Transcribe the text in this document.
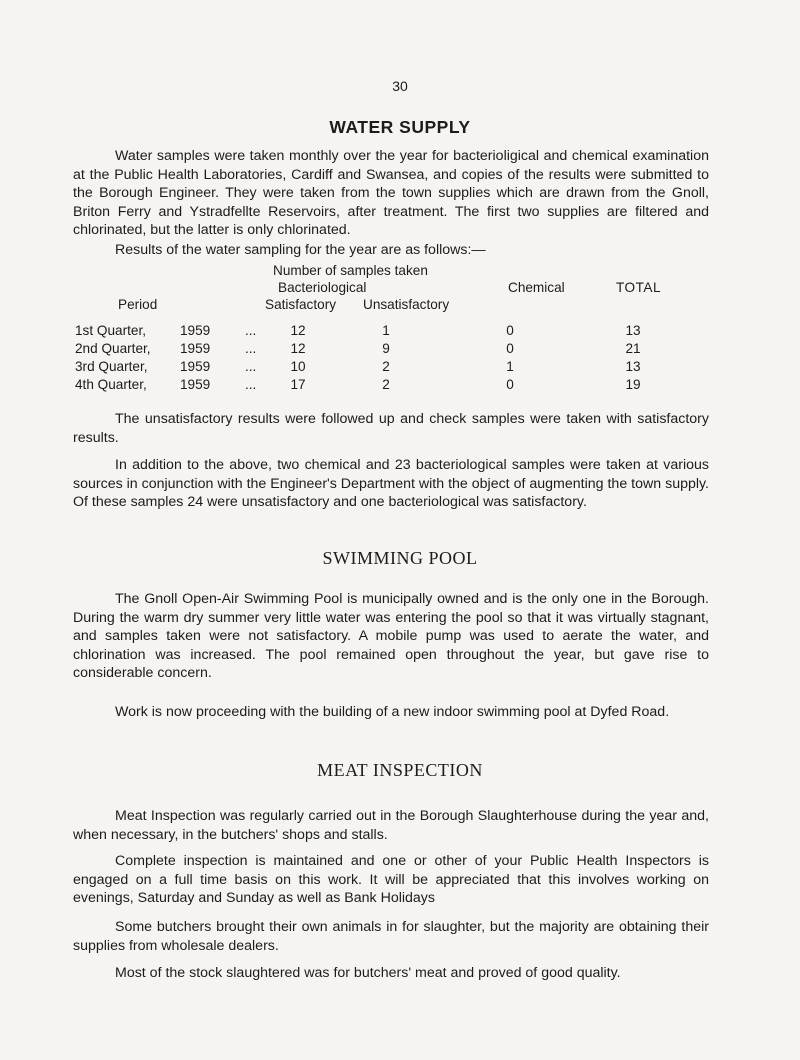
30
WATER SUPPLY

Water samples were taken monthly over the year for bacterioligical and chemical examination at the Public Health Laboratories, Cardiff and Swansea, and copies of the results were submitted to the Borough Engineer. They were taken from the town supplies which are drawn from the Gnoll, Briton Ferry and Ystradfellte Reservoirs, after treatment. The first two supplies are filtered and chlorinated, but the latter is only chlorinated.

Results of the water sampling for the year are as follows:—

Number of samples taken
Bacteriological	Chemical	TOTAL
Period	Satisfactory Unsatisfactory
1st Quarter, 1959	...	12	1	0	13
2nd Quarter, 1959	...	12	9	0	21
3rd Quarter, 1959	...	10	2	1	13
4th Quarter, 1959	...	17	2	0	19

The unsatisfactory results were followed up and check samples were taken with satisfactory results.

In addition to the above, two chemical and 23 bacteriological samples were taken at various sources in conjunction with the Engineer's Department with the object of augmenting the town supply. Of these samples 24 were unsatisfactory and one bacteriological was satisfactory.

SWIMMING POOL

The Gnoll Open-Air Swimming Pool is municipally owned and is the only one in the Borough. During the warm dry summer very little water was entering the pool so that it was virtually stagnant, and samples taken were not satisfactory. A mobile pump was used to aerate the water, and chlorination was increased. The pool remained open throughout the year, but gave rise to considerable concern.

Work is now proceeding with the building of a new indoor swimming pool at Dyfed Road.

MEAT INSPECTION

Meat Inspection was regularly carried out in the Borough Slaughterhouse during the year and, when necessary, in the butchers' shops and stalls.

Complete inspection is maintained and one or other of your Public Health Inspectors is engaged on a full time basis on this work. It will be appreciated that this involves working on evenings, Saturday and Sunday as well as Bank Holidays

Some butchers brought their own animals in for slaughter, but the majority are obtaining their supplies from wholesale dealers.

Most of the stock slaughtered was for butchers' meat and proved of good quality.
